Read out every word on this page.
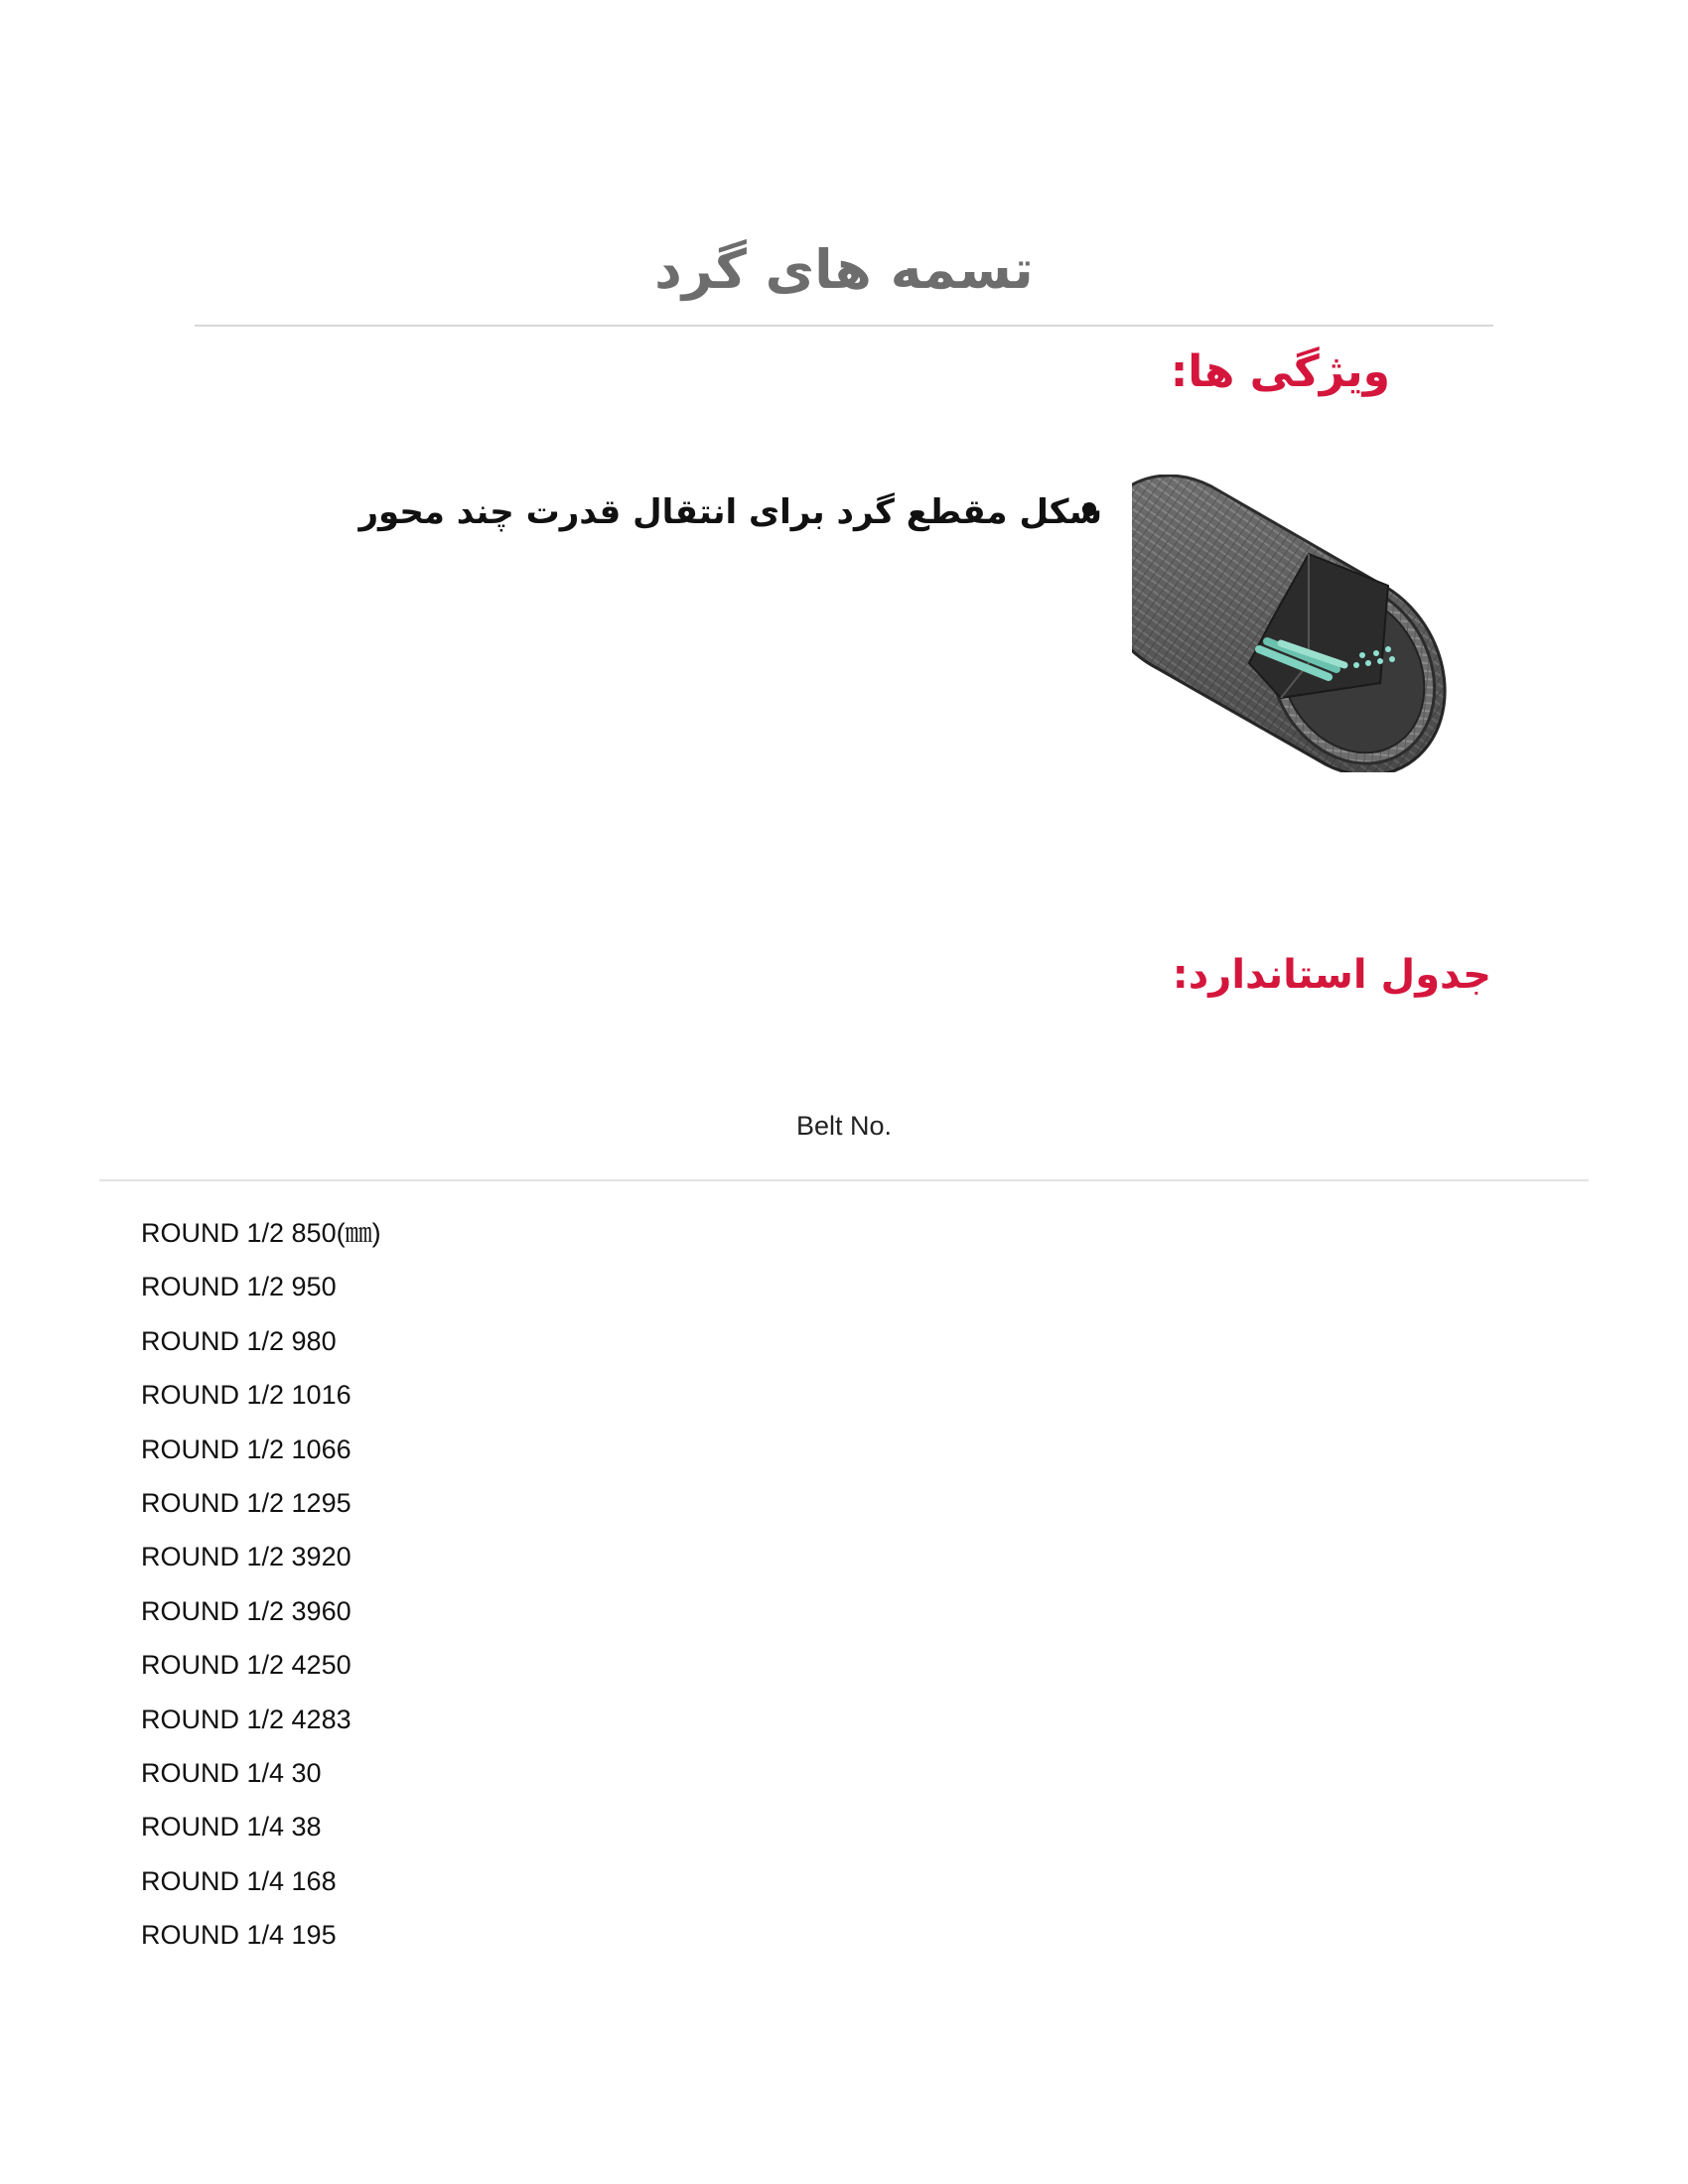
تسمه های گرد
ویژگی ها:
شکل مقطع گرد برای انتقال قدرت چند محور
جدول استاندارد:
Belt No.
ROUND 1/2 850(㎜)
ROUND 1/2 950
ROUND 1/2 980
ROUND 1/2 1016
ROUND 1/2 1066
ROUND 1/2 1295
ROUND 1/2 3920
ROUND 1/2 3960
ROUND 1/2 4250
ROUND 1/2 4283
ROUND 1/4 30
ROUND 1/4 38
ROUND 1/4 168
ROUND 1/4 195
